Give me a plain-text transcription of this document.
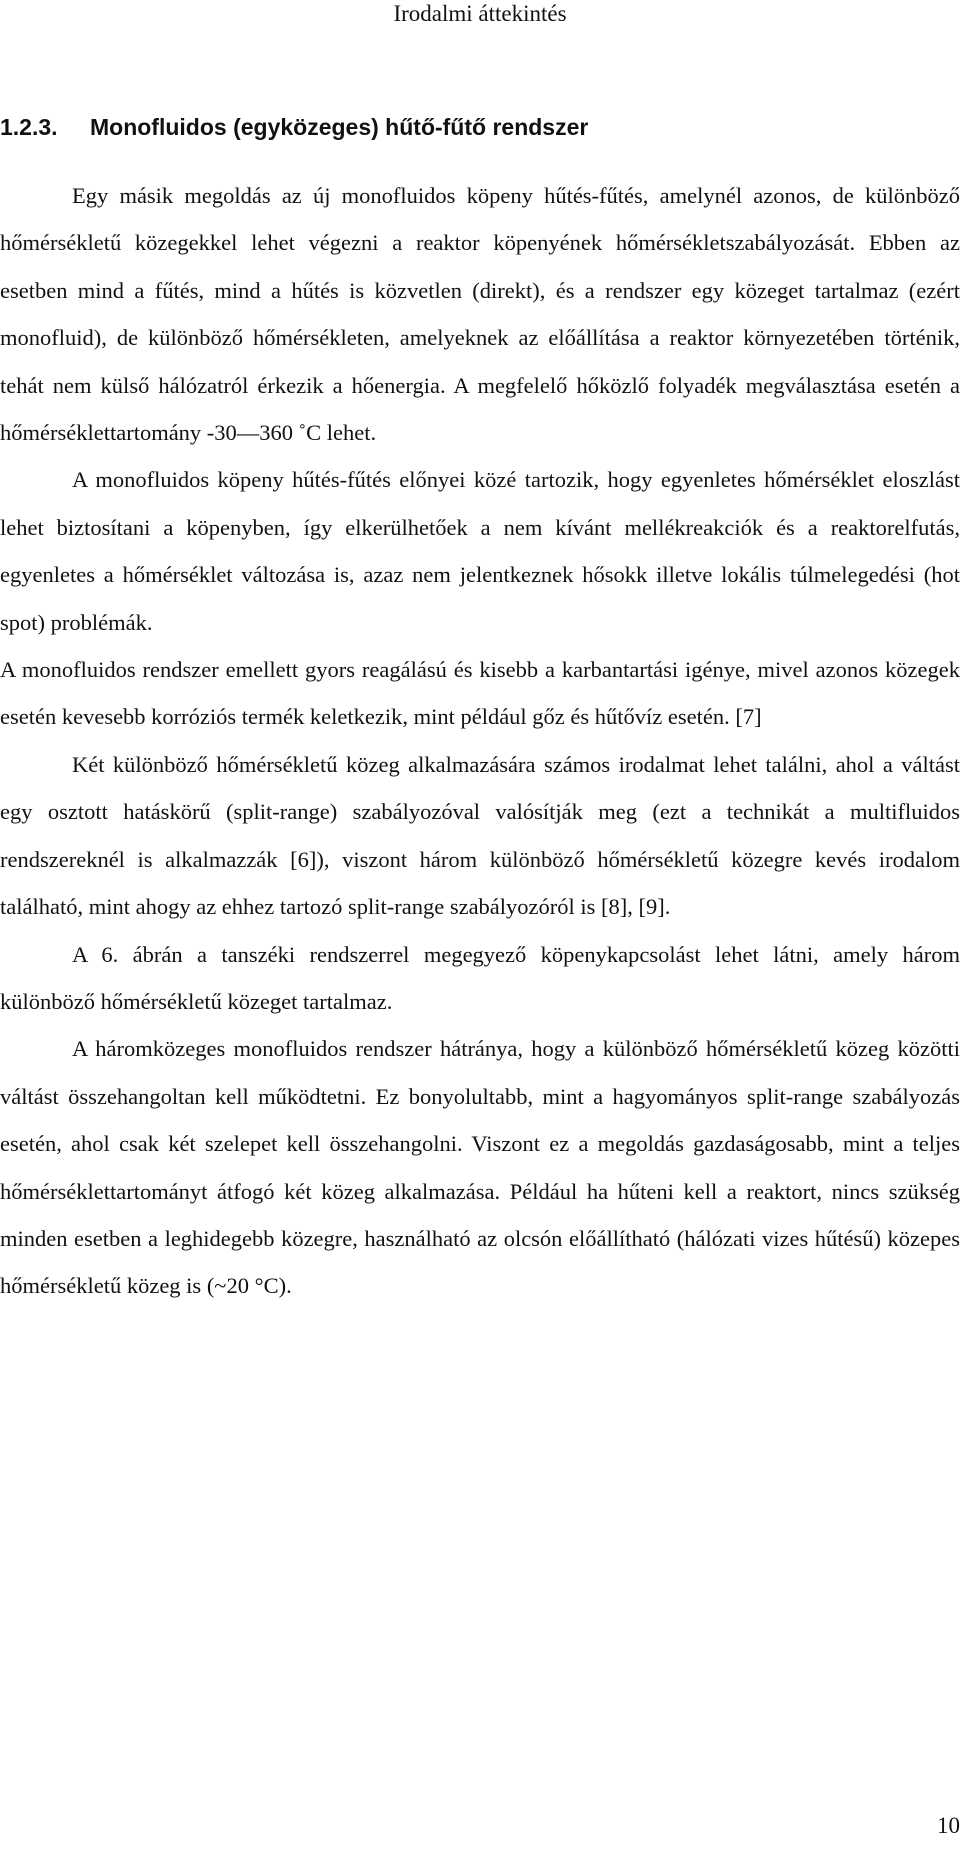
Irodalmi áttekintés
1.2.3. Monofluidos (egyközeges) hűtő-fűtő rendszer

Egy másik megoldás az új monofluidos köpeny hűtés-fűtés, amelynél azonos, de különböző hőmérsékletű közegekkel lehet végezni a reaktor köpenyének hőmérsékletszabályozását. Ebben az esetben mind a fűtés, mind a hűtés is közvetlen (direkt), és a rendszer egy közeget tartalmaz (ezért monofluid), de különböző hőmérsékleten, amelyeknek az előállítása a reaktor környezetében történik, tehát nem külső hálózatról érkezik a hőenergia. A megfelelő hőközlő folyadék megválasztása esetén a hőmérséklettartomány -30—360 ˚C lehet.

A monofluidos köpeny hűtés-fűtés előnyei közé tartozik, hogy egyenletes hőmérséklet eloszlást lehet biztosítani a köpenyben, így elkerülhetőek a nem kívánt mellékreakciók és a reaktorelfutás, egyenletes a hőmérséklet változása is, azaz nem jelentkeznek hősokk illetve lokális túlmelegedési (hot spot) problémák.

A monofluidos rendszer emellett gyors reagálású és kisebb a karbantartási igénye, mivel azonos közegek esetén kevesebb korróziós termék keletkezik, mint például gőz és hűtővíz esetén. [7]

Két különböző hőmérsékletű közeg alkalmazására számos irodalmat lehet találni, ahol a váltást egy osztott hatáskörű (split-range) szabályozóval valósítják meg (ezt a technikát a multifluidos rendszereknél is alkalmazzák [6]), viszont három különböző hőmérsékletű közegre kevés irodalom található, mint ahogy az ehhez tartozó split-range szabályozóról is [8], [9].

A 6. ábrán a tanszéki rendszerrel megegyező köpenykapcsolást lehet látni, amely három különböző hőmérsékletű közeget tartalmaz.

A háromközeges monofluidos rendszer hátránya, hogy a különböző hőmérsékletű közeg közötti váltást összehangoltan kell működtetni. Ez bonyolultabb, mint a hagyományos split-range szabályozás esetén, ahol csak két szelepet kell összehangolni. Viszont ez a megoldás gazdaságosabb, mint a teljes hőmérséklettartományt átfogó két közeg alkalmazása. Például ha hűteni kell a reaktort, nincs szükség minden esetben a leghidegebb közegre, használható az olcsón előállítható (hálózati vizes hűtésű) közepes hőmérsékletű közeg is (~20 °C).

10
